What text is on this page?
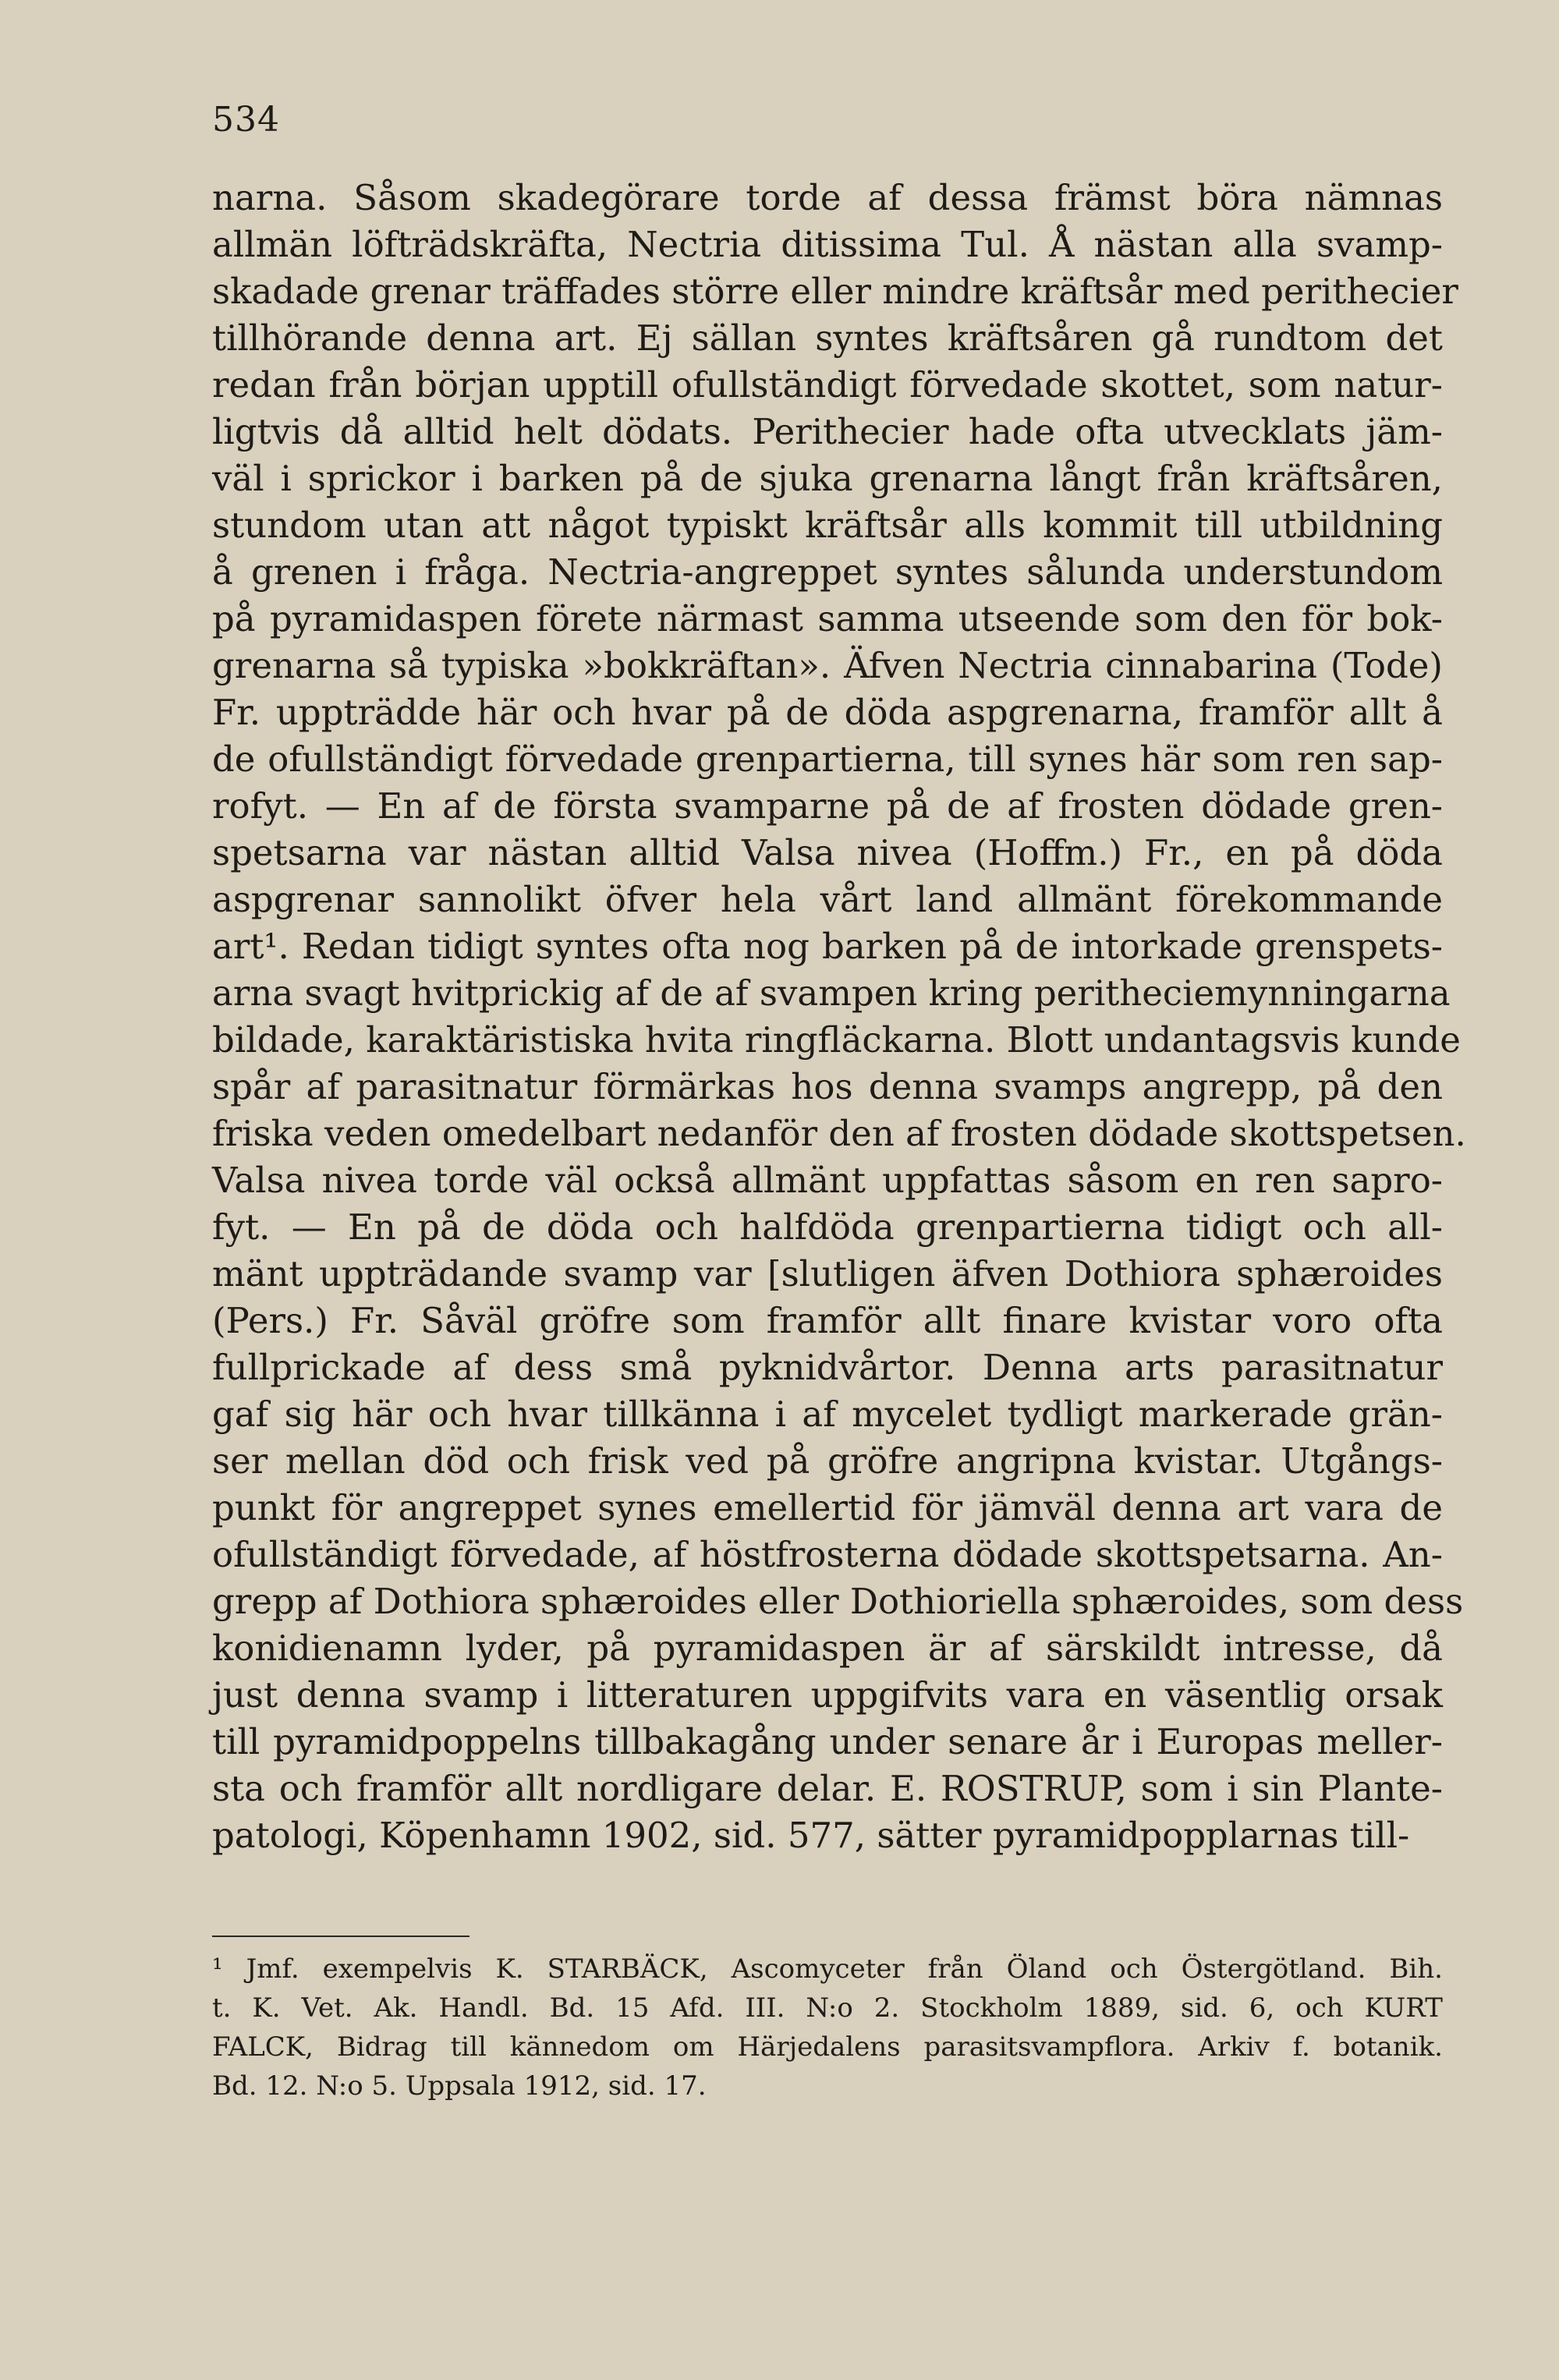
534
narna. Såsom skadegörare torde af dessa främst böra nämnas
allmän löfträdskräfta, Nectria ditissima Tul. Å nästan alla svamp-
skadade grenar träffades större eller mindre kräftsår med perithecier
tillhörande denna art. Ej sällan syntes kräftsåren gå rundtom det
redan från början upptill ofullständigt förvedade skottet, som natur-
ligtvis då alltid helt dödats. Perithecier hade ofta utvecklats jäm-
väl i sprickor i barken på de sjuka grenarna långt från kräftsåren,
stundom utan att något typiskt kräftsår alls kommit till utbildning
å grenen i fråga. Nectria-angreppet syntes sålunda understundom
på pyramidaspen förete närmast samma utseende som den för bok-
grenarna så typiska »bokkräftan». Äfven Nectria cinnabarina (Tode)
Fr. uppträdde här och hvar på de döda aspgrenarna, framför allt å
de ofullständigt förvedade grenpartierna, till synes här som ren sap-
rofyt. — En af de första svamparne på de af frosten dödade gren-
spetsarna var nästan alltid Valsa nivea (Hoffm.) Fr., en på döda
aspgrenar sannolikt öfver hela vårt land allmänt förekommande
art¹. Redan tidigt syntes ofta nog barken på de intorkade grenspets-
arna svagt hvitprickig af de af svampen kring peritheciemynningarna
bildade, karaktäristiska hvita ringfläckarna. Blott undantagsvis kunde
spår af parasitnatur förmärkas hos denna svamps angrepp, på den
friska veden omedelbart nedanför den af frosten dödade skottspetsen.
Valsa nivea torde väl också allmänt uppfattas såsom en ren sapro-
fyt. — En på de döda och halfdöda grenpartierna tidigt och all-
mänt uppträdande svamp var [slutligen äfven Dothiora sphæroides
(Pers.) Fr. Såväl gröfre som framför allt finare kvistar voro ofta
fullprickade af dess små pyknidvårtor. Denna arts parasitnatur
gaf sig här och hvar tillkänna i af mycelet tydligt markerade grän-
ser mellan död och frisk ved på gröfre angripna kvistar. Utgångs-
punkt för angreppet synes emellertid för jämväl denna art vara de
ofullständigt förvedade, af höstfrosterna dödade skottspetsarna. An-
grepp af Dothiora sphæroides eller Dothioriella sphæroides, som dess
konidienamn lyder, på pyramidaspen är af särskildt intresse, då
just denna svamp i litteraturen uppgifvits vara en väsentlig orsak
till pyramidpoppelns tillbakagång under senare år i Europas meller-
sta och framför allt nordligare delar. E. ROSTRUP, som i sin Plante-
patologi, Köpenhamn 1902, sid. 577, sätter pyramidpopplarnas till-
¹ Jmf. exempelvis K. STARBÄCK, Ascomyceter från Öland och Östergötland. Bih.
t. K. Vet. Ak. Handl. Bd. 15 Afd. III. N:o 2. Stockholm 1889, sid. 6, och KURT
FALCK, Bidrag till kännedom om Härjedalens parasitsvampflora. Arkiv f. botanik.
Bd. 12. N:o 5. Uppsala 1912, sid. 17.
